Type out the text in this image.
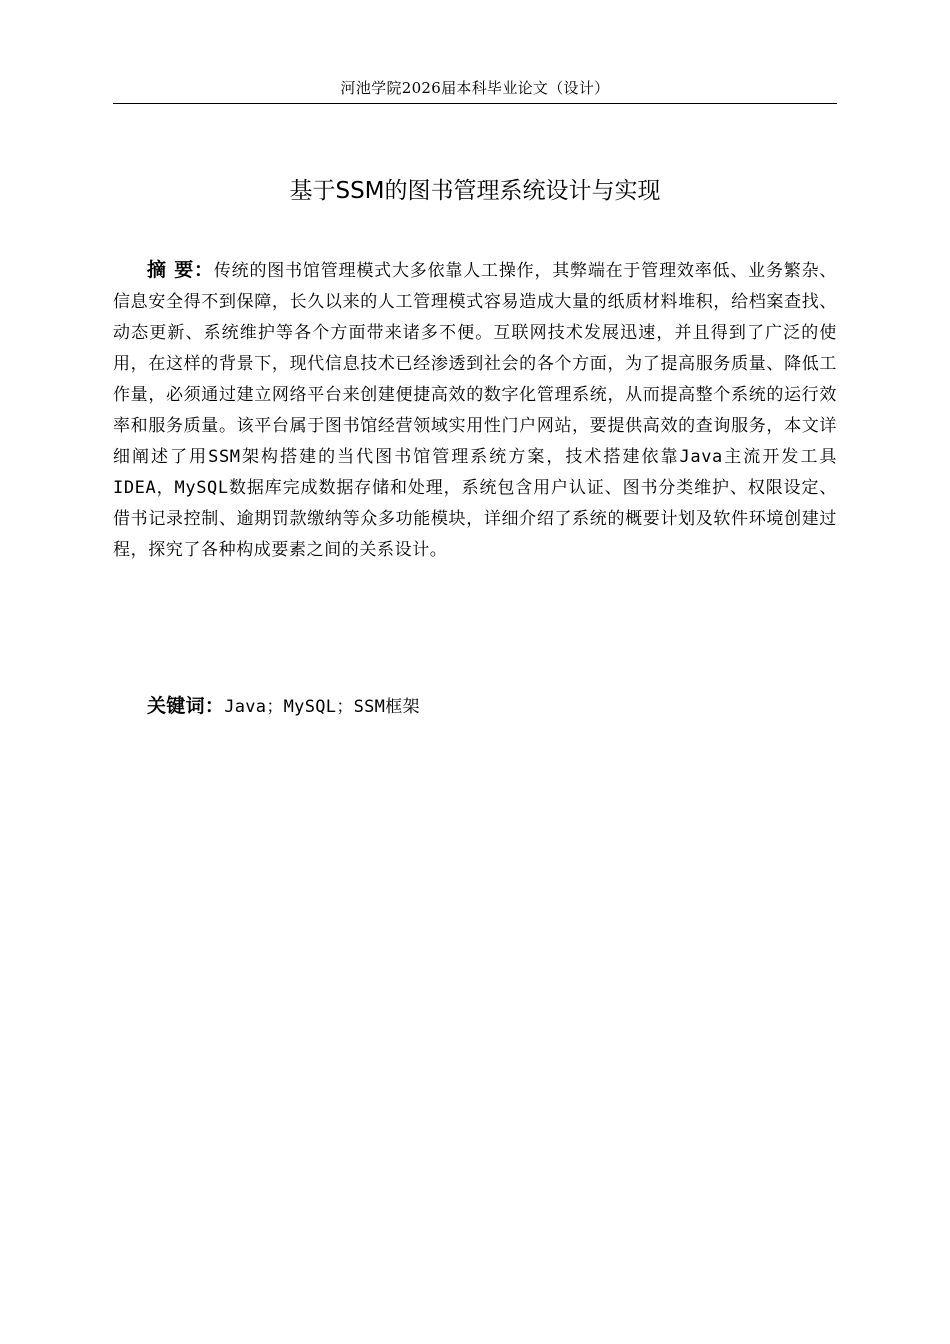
河池学院2026届本科毕业论文（设计）
基于SSM的图书管理系统设计与实现

摘 要：传统的图书馆管理模式大多依靠人工操作，其弊端在于管理效率低、业务繁杂、信息安全得不到保障，长久以来的人工管理模式容易造成大量的纸质材料堆积，给档案查找、动态更新、系统维护等各个方面带来诸多不便。互联网技术发展迅速，并且得到了广泛的使用，在这样的背景下，现代信息技术已经渗透到社会的各个方面，为了提高服务质量、降低工作量，必须通过建立网络平台来创建便捷高效的数字化管理系统，从而提高整个系统的运行效率和服务质量。该平台属于图书馆经营领域实用性门户网站，要提供高效的查询服务，本文详细阐述了用SSM架构搭建的当代图书馆管理系统方案，技术搭建依靠Java主流开发工具IDEA，MySQL数据库完成数据存储和处理，系统包含用户认证、图书分类维护、权限设定、借书记录控制、逾期罚款缴纳等众多功能模块，详细介绍了系统的概要计划及软件环境创建过程，探究了各种构成要素之间的关系设计。

关键词：Java；MySQL；SSM框架
